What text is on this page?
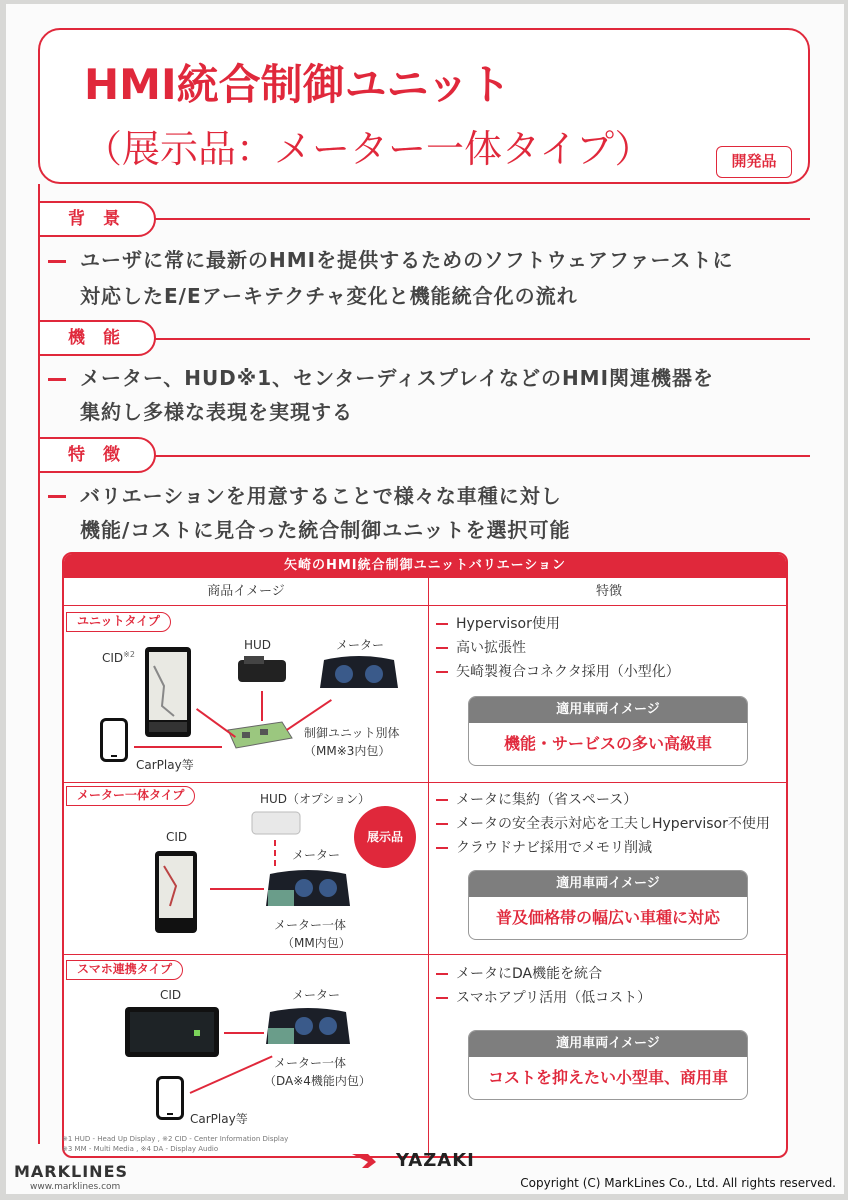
HMI統合制御ユニット
（展示品：メーター一体タイプ）	開発品
背 景
ユーザに常に最新のHMIを提供するためのソフトウェアファーストに
対応したE/Eアーキテクチャ変化と機能統合化の流れ
機 能
メーター、HUD※1、センターディスプレイなどのHMI関連機器を
集約し多様な表現を実現する
特 徴
バリエーションを用意することで様々な車種に対し
機能/コストに見合った統合制御ユニットを選択可能
矢崎のHMI統合制御ユニットバリエーション
商品イメージ	特徴
ユニットタイプ
CID$^{※2}$
HUD	メーター
制御ユニット別体
（MM※3内包）
CarPlay等
Hypervisor使用
高い拡張性
矢崎製複合コネクタ採用（小型化）
適用車両イメージ
機能・サービスの多い高級車
メーター一体タイプ	HUD（オプション）
展示品
メーター
CID
メーター一体
（MM内包）
メータに集約（省スペース）
メータの安全表示対応を工夫しHypervisor不使用
クラウドナビ採用でメモリ削減
適用車両イメージ
普及価格帯の幅広い車種に対応
スマホ連携タイプ
CID	メーター
メーター一体
（DA※4機能内包）
CarPlay等
メータにDA機能を統合
スマホアプリ活用（低コスト）
適用車両イメージ
コストを抑えたい小型車、商用車
※1 HUD - Head Up Display , ※2 CID - Center Information Display
※3 MM - Multi Media , ※4 DA - Display Audio
YAZAKI
MARKLINES
www.marklines.com	Copyright (C) MarkLines Co., Ltd. All rights reserved.
